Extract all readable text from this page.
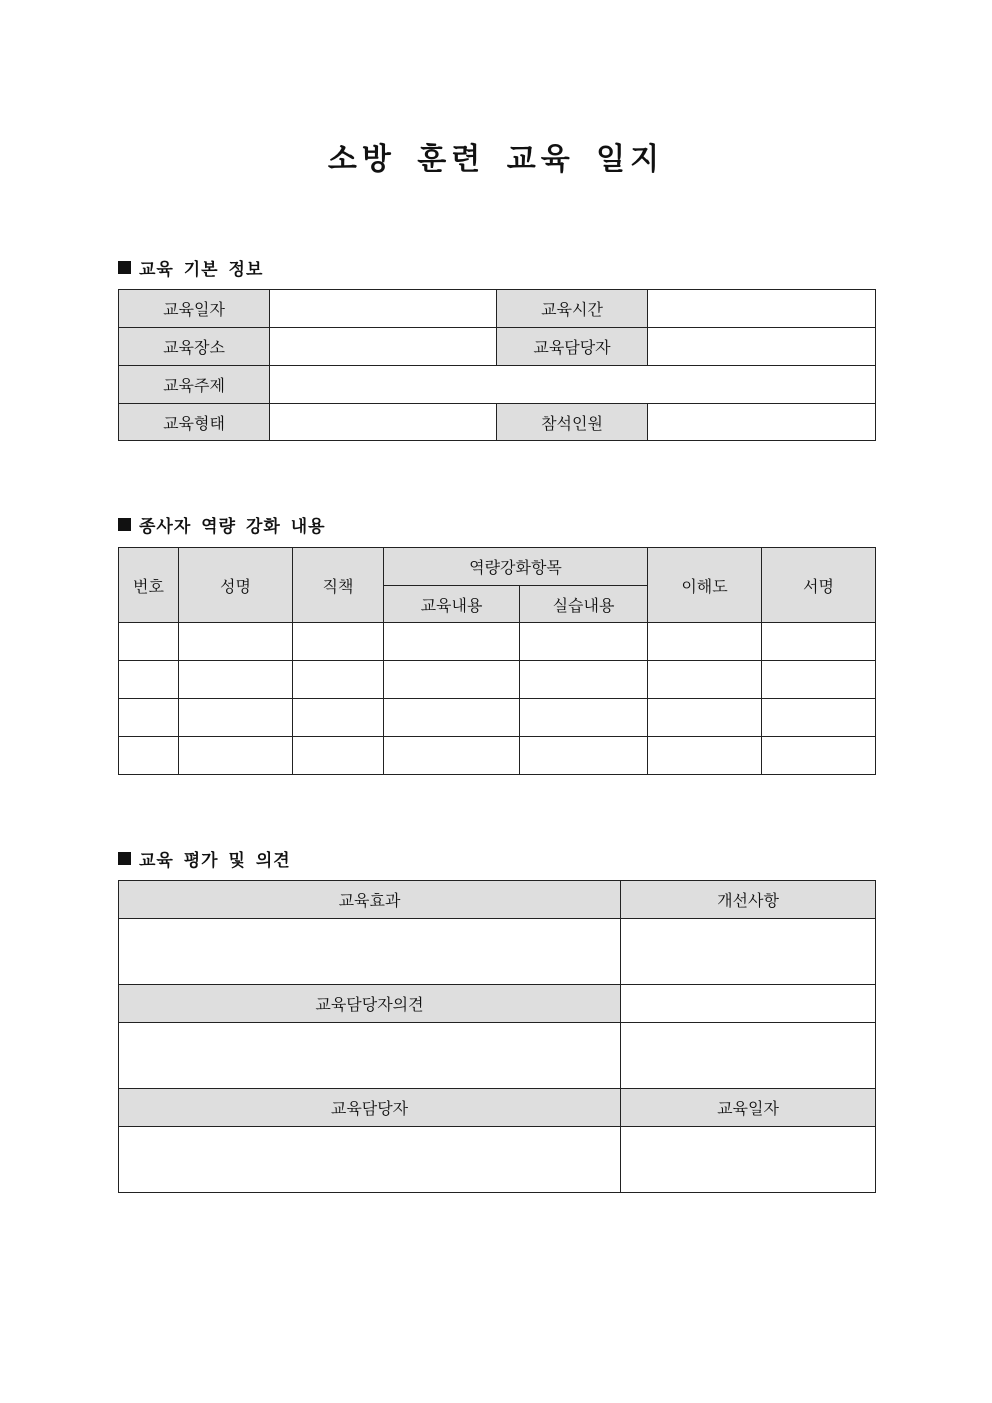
소방 훈련 교육 일지
교육 기본 정보
교육일자		교육시간	
교육장소		교육담당자	
교육주제			
교육형태		참석인원	
종사자 역량 강화 내용
번호	성명	직책	역량강화항목		이해도	서명
			교육내용	실습내용		

교육 평가 및 의견
교육효과	개선사항

교육담당자의견	

교육담당자	교육일자
